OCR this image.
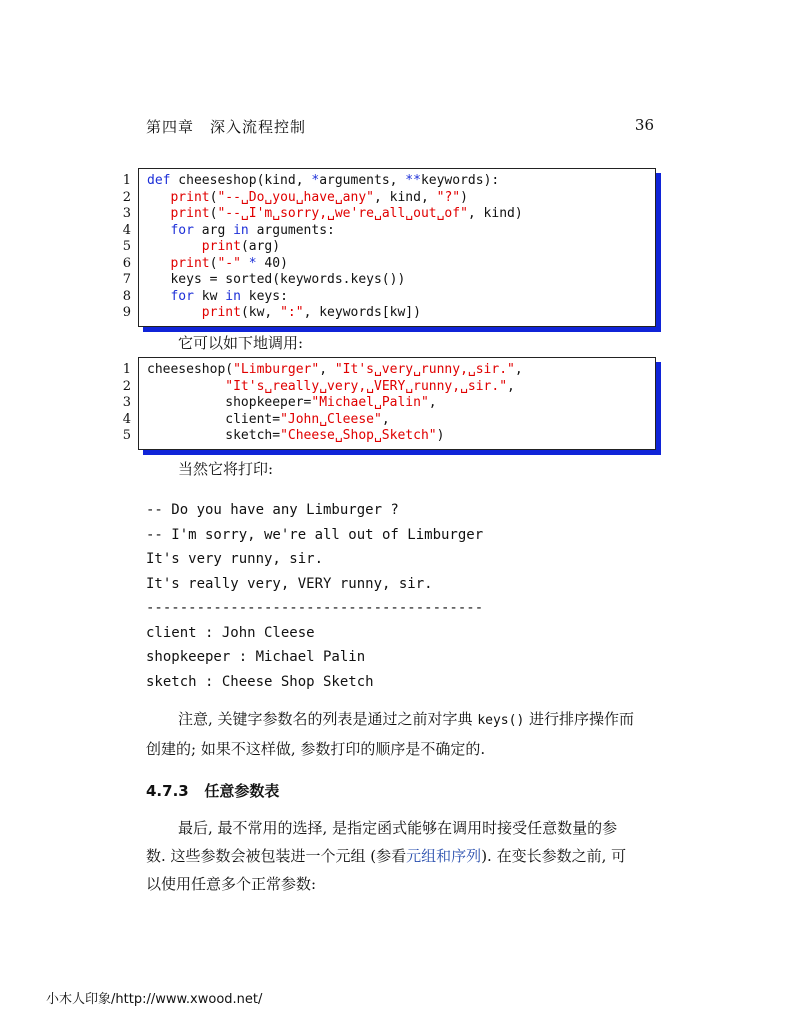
第四章　深入流程控制	36
1 def cheeseshop(kind, *arguments, **keywords):
2	print("--␣Do␣you␣have␣any", kind, "?")
3	print("--␣I'm␣sorry,␣we're␣all␣out␣of", kind)
4	for arg in arguments:
5	print(arg)
6	print("-" * 40)
7 keys = sorted(keywords.keys())
8	for kw in keys:
9	print(kw, ":", keywords[kw])
它可以如下地调用:
1 cheeseshop("Limburger", "It's␣very␣runny,␣sir.",
2	"It's␣really␣very,␣VERY␣runny,␣sir.",
3 shopkeeper="Michael␣Palin",
4 client="John␣Cleese",
5 sketch="Cheese␣Shop␣Sketch")
当然它将打印:
-- Do you have any Limburger ?
-- I'm sorry, we're all out of Limburger
It's very runny, sir.
It's really very, VERY runny, sir.
----------------------------------------
client : John Cleese
shopkeeper : Michael Palin
sketch : Cheese Shop Sketch
注意, 关键字参数名的列表是通过之前对字典 keys() 进行排序操作而
创建的; 如果不这样做, 参数打印的顺序是不确定的.
4.7.3 任意参数表
最后, 最不常用的选择, 是指定函式能够在调用时接受任意数量的参
数. 这些参数会被包装进一个元组 (参看元组和序列). 在变长参数之前, 可
以使用任意多个正常参数:
小木人印象/http://www.xwood.net/
